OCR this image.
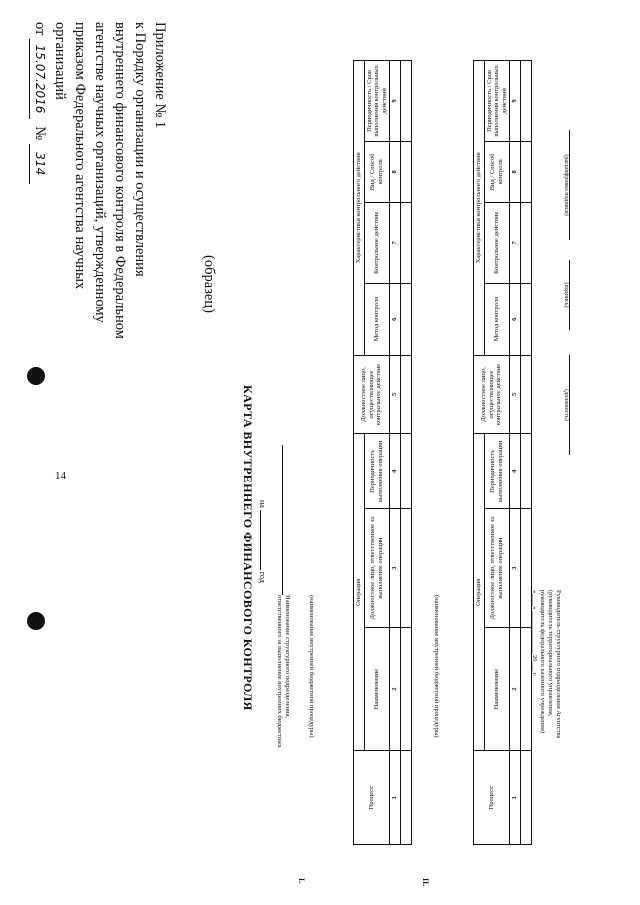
14
Приложение № 1
к Порядку организации и осуществления
внутреннего финансового контроля в Федеральном
агентстве научных организаций, утвержденному
приказом Федерального агентства научных
организаций
от 15.07.2016  № 314
(образец)
КАРТА ВНУТРЕННЕГО ФИНАНСОВОГО КОНТРОЛЯ на  год
Наименование структурного подразделения,
ответственного за выполнение внутренних бюджетных
I.
(наименование внутренней бюджетной процедуры)
Процесс	Операция			Должностное лицо, осуществляющее контрольное действие	Характеристики контрольного действия			
	Наименование	Должностное лицо, ответственное за выполнение операции	Периодичность выполнения операции		Метод контроля	Контрольное действие	Вид / Способ контроля	Периодичность / Срок выполнения контрольных действий
1	2	3	4	5	6	7	8	9

II.
(наименование внутренней бюджетной процедуры)
Процесс	Операция			Должностное лицо, осуществляющее контрольное действие	Характеристики контрольного действия			
	Наименование	Должностное лицо, ответственное за выполнение операции	Периодичность выполнения операции		Метод контроля	Контрольное действие	Вид / Способ контроля	Периодичность / Срок выполнения контрольных действий
1	2	3	4	5	6	7	8	9

Руководитель структурного подразделения Агентства
(руководитель территориального управления,
руководитель федерального казенного учреждения)
«____» _____________ 20___ г.
(должность)
(подпись)
(расшифровка подписи)
